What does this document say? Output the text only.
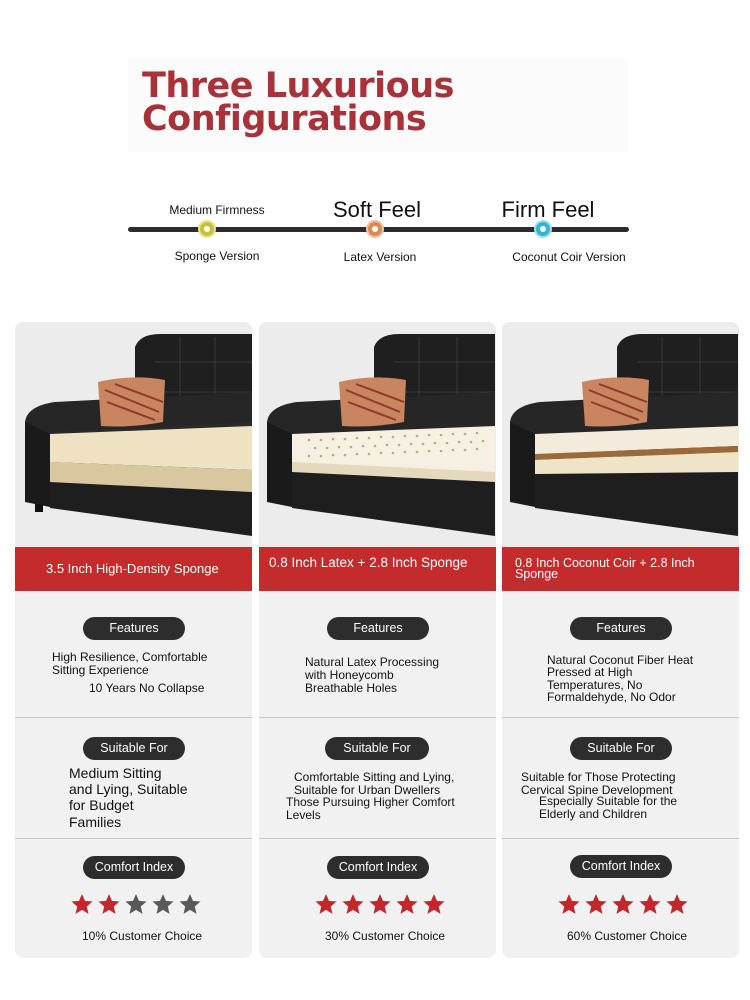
Three Luxurious
Configurations
Medium Firmness	Soft Feel	Firm Feel
Sponge Version	Latex Version	Coconut Coir Version
3.5 Inch High-Density Sponge
Features
High Resilience, Comfortable
Sitting Experience
10 Years No Collapse
Suitable For
Medium Sitting
and Lying, Suitable
for Budget
Families
Comfort Index
10% Customer Choice
0.8 Inch Latex + 2.8 Inch Sponge
Features
Natural Latex Processing
with Honeycomb
Breathable Holes
Suitable For
Comfortable Sitting and Lying,
Suitable for Urban Dwellers
Those Pursuing Higher Comfort
Levels
Comfort Index
30% Customer Choice
0.8 Inch Coconut Coir + 2.8 Inch Sponge
Features
Natural Coconut Fiber Heat
Pressed at High
Temperatures, No
Formaldehyde, No Odor
Suitable For
Suitable for Those Protecting
Cervical Spine Development
Especially Suitable for the
Elderly and Children
Comfort Index
60% Customer Choice
